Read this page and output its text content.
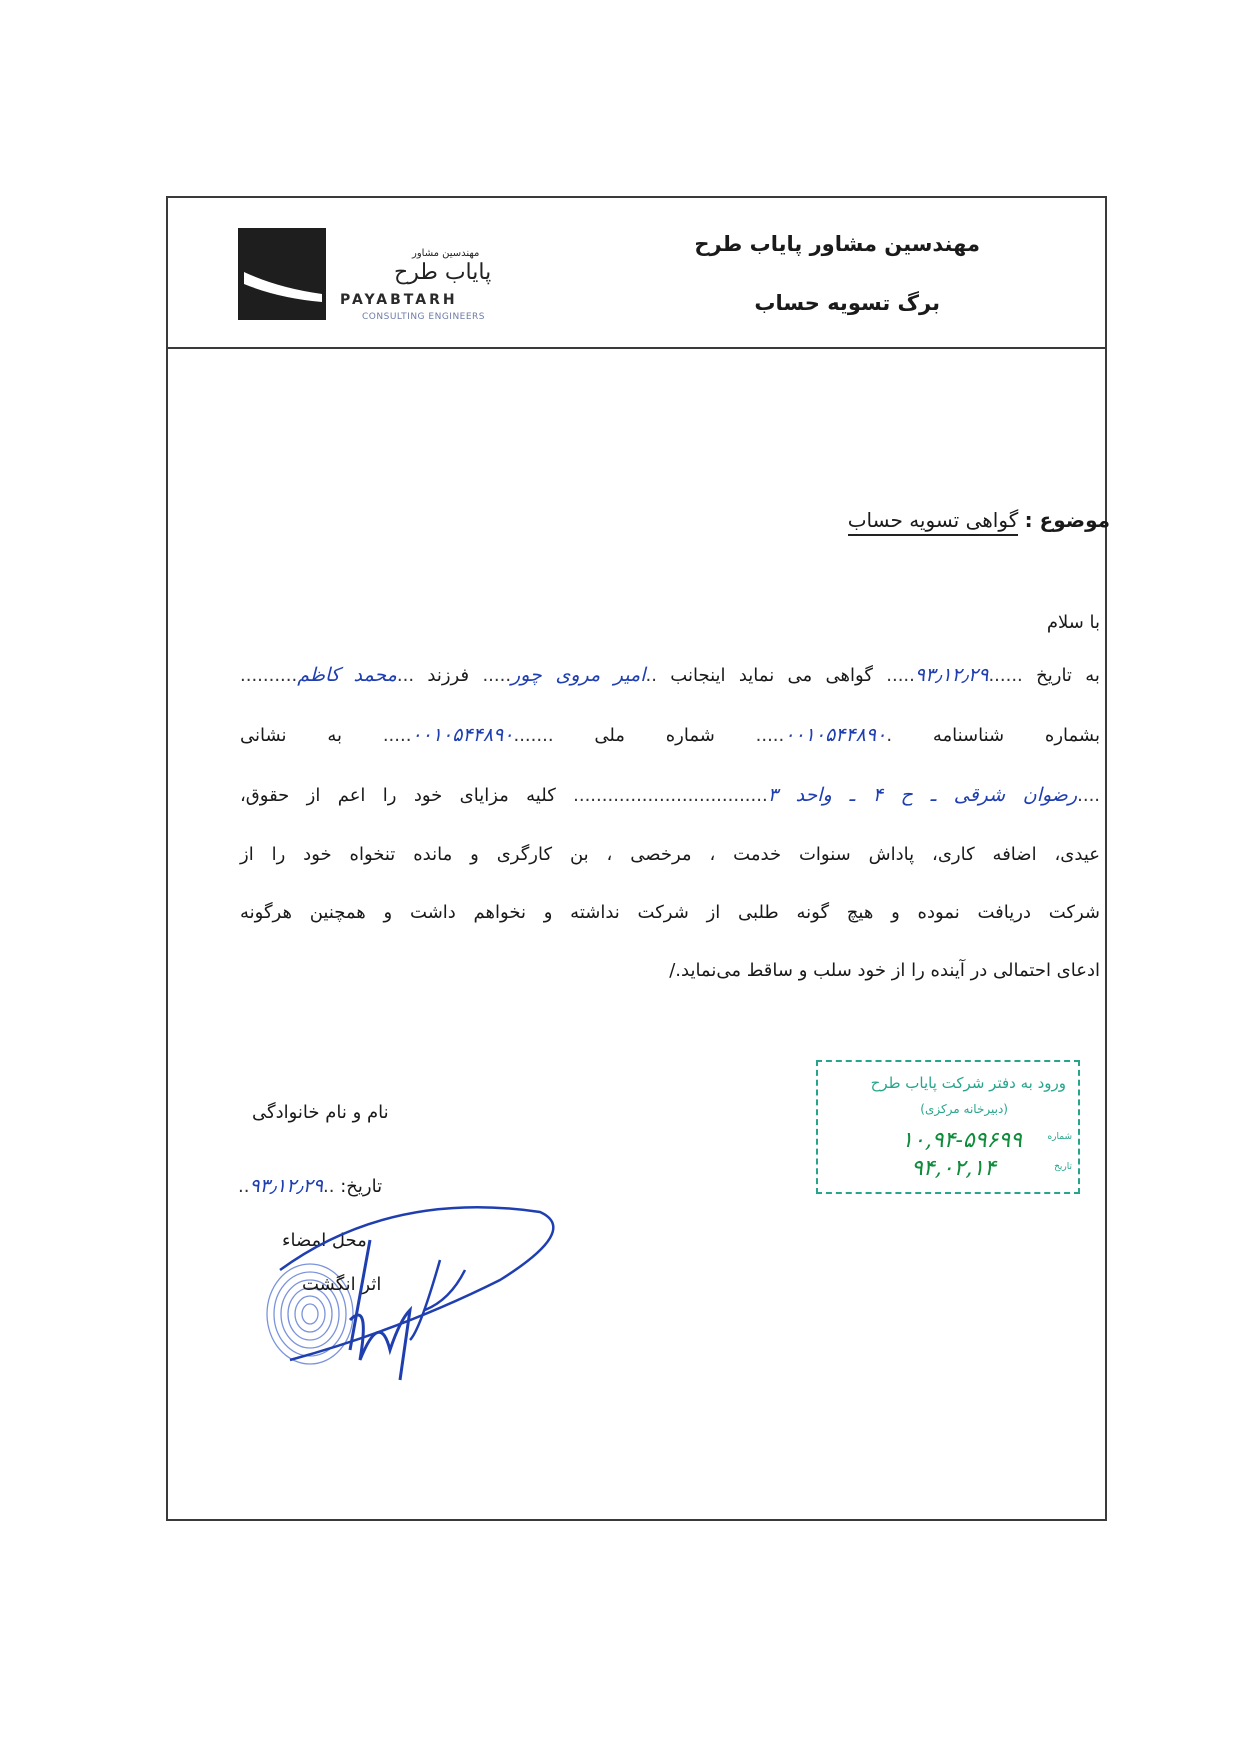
مهندسین مشاور
پایاب طرح
PAYABTARH
CONSULTING ENGINEERS
مهندسین مشاور پایاب طرح
برگ تسویه حساب
موضوع : گواهی تسویه حساب
با سلام
به تاریخ ......۹۳٫۱۲٫۲۹..... گواهی می نماید اینجانب ..امیر مروی چور..... فرزند ...محمد کاظم..........
بشماره شناسنامه .۰۰۱۰۵۴۴۸۹۰..... شماره ملی .......۰۰۱۰۵۴۴۸۹۰..... به نشانی
....رضوان شرقی ـ ح ۴ ـ واحد ۳.................................. کلیه مزایای خود را اعم از حقوق،
عیدی، اضافه کاری، پاداش سنوات خدمت ، مرخصی ، بن کارگری و مانده تنخواه خود را از
شرکت دریافت نموده و هیچ گونه طلبی از شرکت نداشته و نخواهم داشت و همچنین هرگونه
ادعای احتمالی در آینده را از خود سلب و ساقط می‌نماید./
ورود به دفتر شرکت پایاب طرح
(دبیرخانه مرکزی)
شماره
۱۰,۹۴-۵۹۶۹۹
تاریخ
۹۴,۰۲,۱۴
نام و نام خانوادگی
تاریخ: ..۹۳٫۱۲٫۲۹..
محل امضاء
اثر انگشت
